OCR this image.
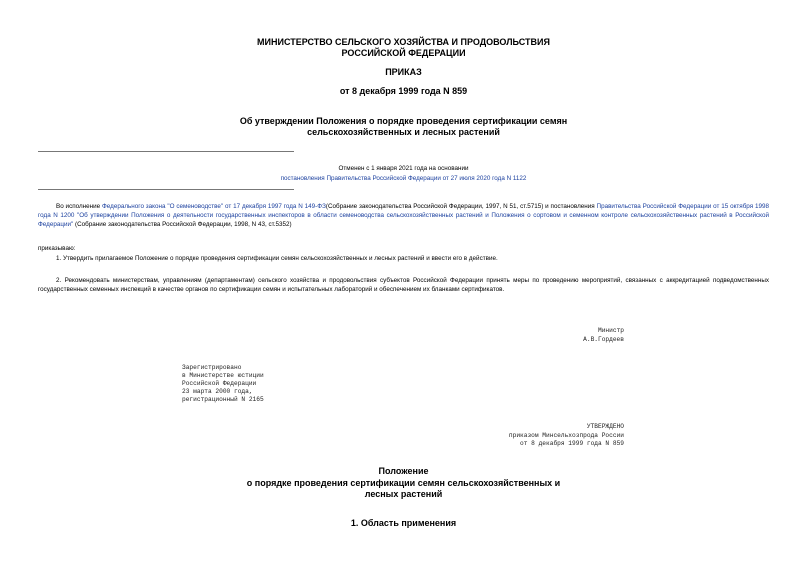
МИНИСТЕРСТВО СЕЛЬСКОГО ХОЗЯЙСТВА И ПРОДОВОЛЬСТВИЯ
РОССИЙСКОЙ ФЕДЕРАЦИИ
ПРИКАЗ
от 8 декабря 1999 года N 859
Об утверждении Положения о порядке проведения сертификации семян
сельскохозяйственных и лесных растений
Отменен с 1 января 2021 года на основании
постановления Правительства Российской Федерации от 27 июля 2020 года N 1122
Во исполнение Федерального закона "О семеноводстве" от 17 декабря 1997 года N 149-ФЗ(Собрание законодательства Российской Федерации, 1997, N 51, ст.5715) и постановления Правительства Российской Федерации от 15 октября 1998 года N 1200 "Об утверждении Положения о деятельности государственных инспекторов в области семеноводства сельскохозяйственных растений и Положения о сортовом и семенном контроле сельскохозяйственных растений в Российской Федерации" (Собрание законодательства Российской Федерации, 1998, N 43, ст.5352)
приказываю:
1. Утвердить прилагаемое Положение о порядке проведения сертификации семян сельскохозяйственных и лесных растений и ввести его в действие.
2. Рекомендовать министерствам, управлениям (департаментам) сельского хозяйства и продовольствия субъектов Российской Федерации принять меры по проведению мероприятий, связанных с аккредитацией подведомственных государственных семенных инспекций в качестве органов по сертификации семян и испытательных лабораторий и обеспечением их бланками сертификатов.
Министр
А.В.Гордеев
Зарегистрировано
в Министерстве юстиции
Российской Федерации
23 марта 2000 года,
регистрационный N 2165
УТВЕРЖДЕНО
приказом Минсельхозпрода России
от 8 декабря 1999 года N 859
Положение
о порядке проведения сертификации семян сельскохозяйственных и
лесных растений
1. Область применения
